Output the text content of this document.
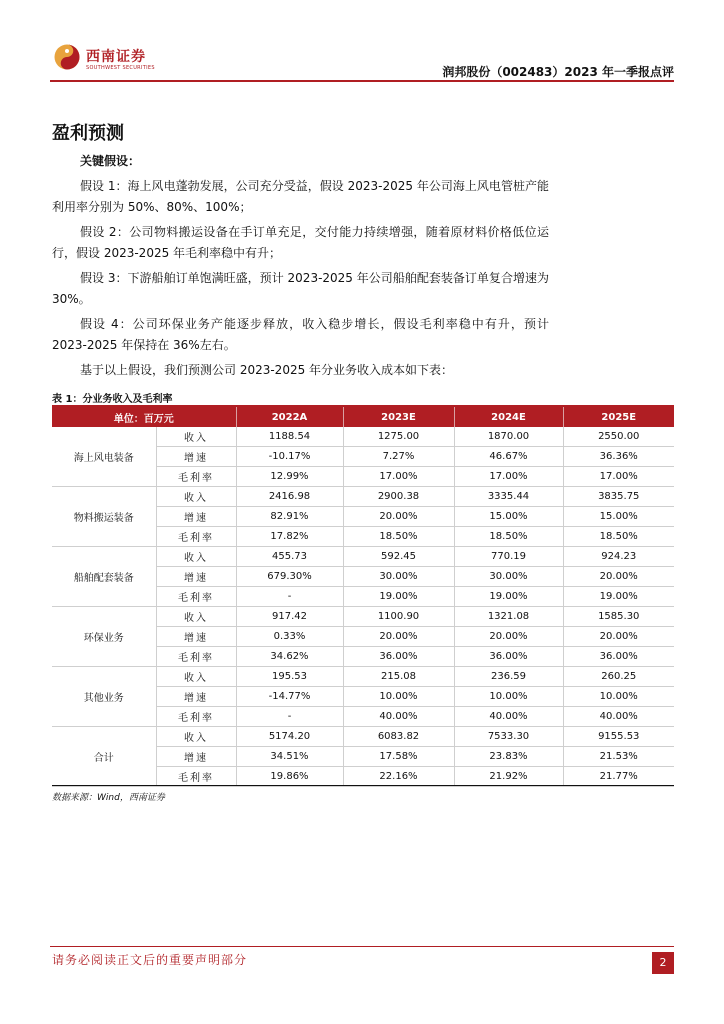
西南证券
SOUTHWEST SECURITIES	润邦股份（002483）2023 年一季报点评
盈利预测
关键假设：
假设 1：海上风电蓬勃发展，公司充分受益，假设 2023-2025 年公司海上风电管桩产能利用率分别为 50%、80%、100%；
假设 2：公司物料搬运设备在手订单充足，交付能力持续增强，随着原材料价格低位运行，假设 2023-2025 年毛利率稳中有升；
假设 3：下游船舶订单饱满旺盛，预计 2023-2025 年公司船舶配套装备订单复合增速为 30%。
假设 4：公司环保业务产能逐步释放，收入稳步增长，假设毛利率稳中有升，预计 2023-2025 年保持在 36%左右。
基于以上假设，我们预测公司 2023-2025 年分业务收入成本如下表：
表 1：分业务收入及毛利率
单位：百万元		2022A	2023E	2024E	2025E
海上风电装备	收入	1188.54	1275.00	1870.00	2550.00
	增速	-10.17%	7.27%	46.67%	36.36%
	毛利率	12.99%	17.00%	17.00%	17.00%
物料搬运装备	收入	2416.98	2900.38	3335.44	3835.75
	增速	82.91%	20.00%	15.00%	15.00%
	毛利率	17.82%	18.50%	18.50%	18.50%
船舶配套装备	收入	455.73	592.45	770.19	924.23
	增速	679.30%	30.00%	30.00%	20.00%
	毛利率	-	19.00%	19.00%	19.00%
环保业务	收入	917.42	1100.90	1321.08	1585.30
	增速	0.33%	20.00%	20.00%	20.00%
	毛利率	34.62%	36.00%	36.00%	36.00%
其他业务	收入	195.53	215.08	236.59	260.25
	增速	-14.77%	10.00%	10.00%	10.00%
	毛利率	-	40.00%	40.00%	40.00%
合计	收入	5174.20	6083.82	7533.30	9155.53
	增速	34.51%	17.58%	23.83%	21.53%
	毛利率	19.86%	22.16%	21.92%	21.77%
数据来源：Wind，西南证券
请务必阅读正文后的重要声明部分	2
